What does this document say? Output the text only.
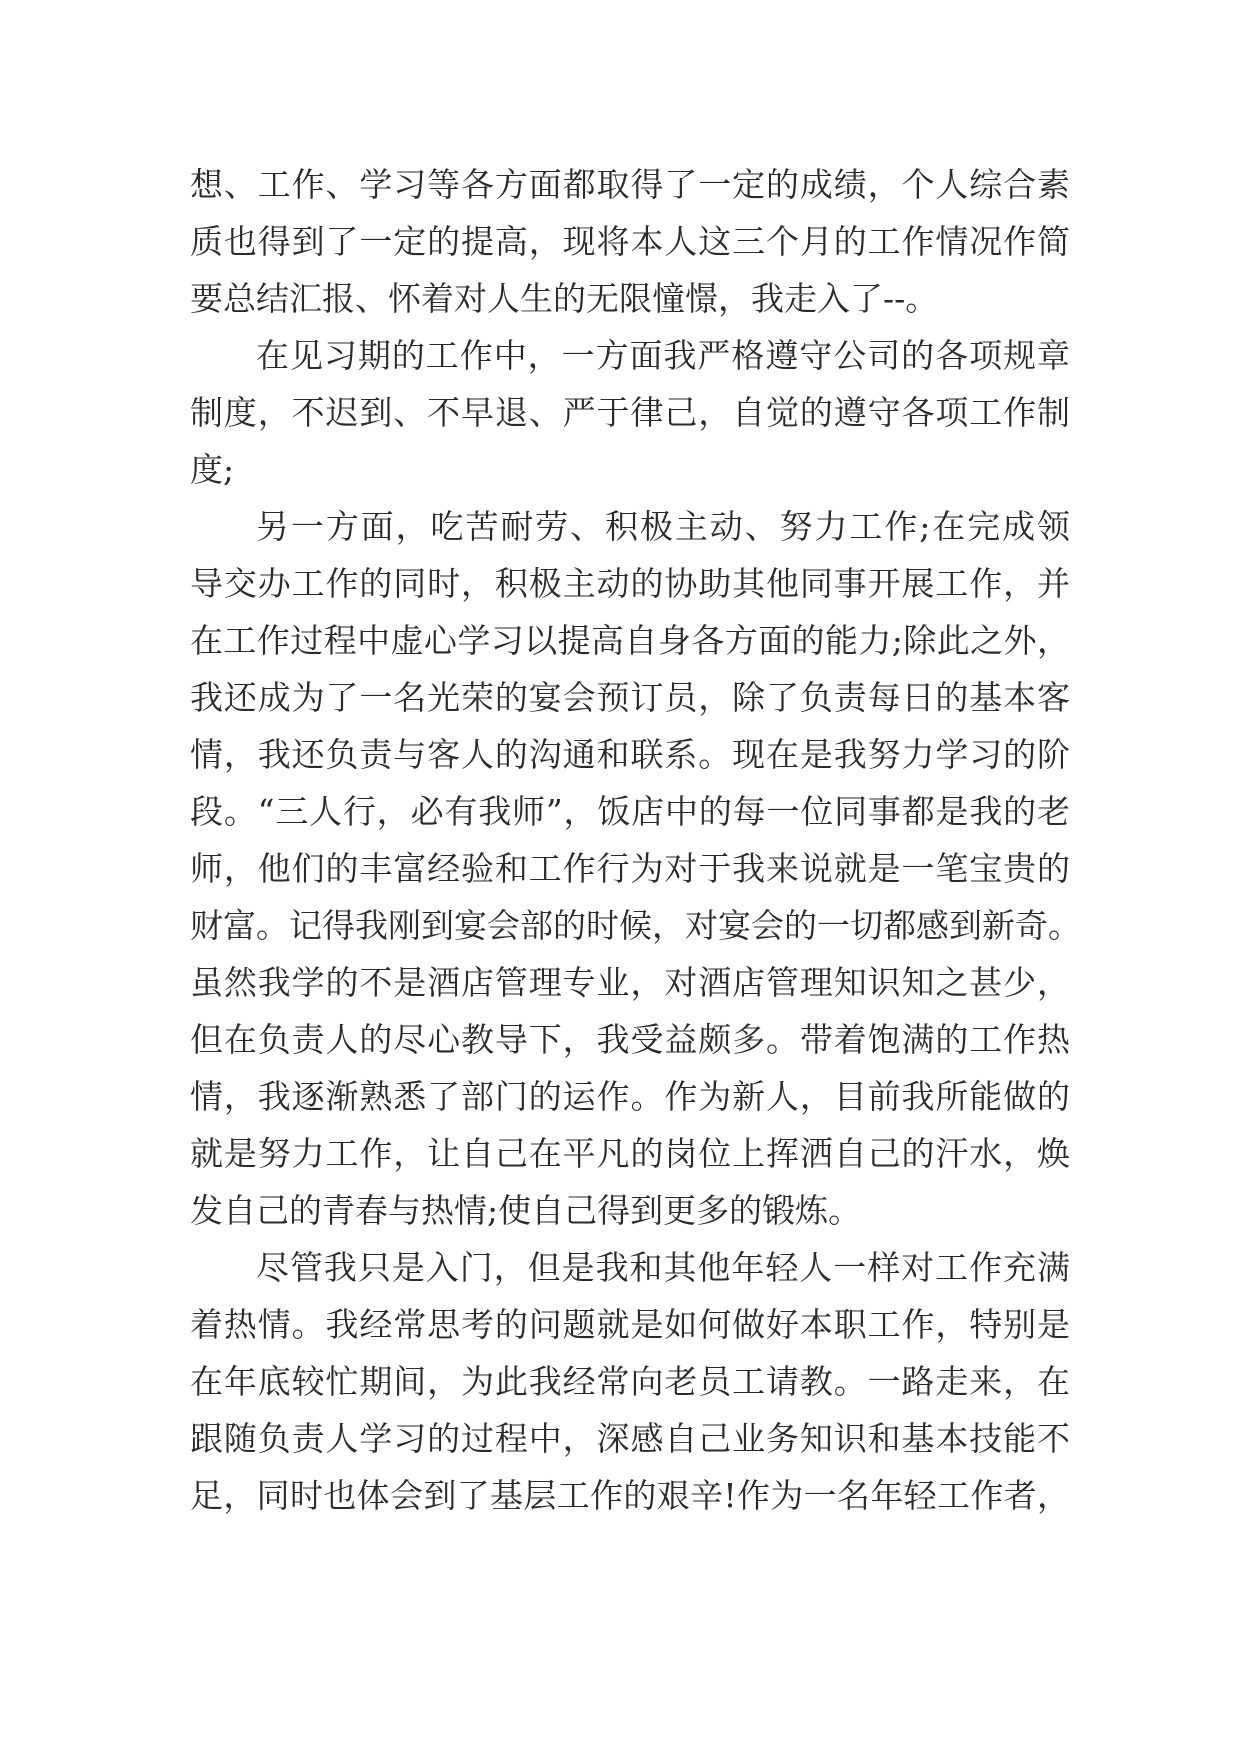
想、工作、学习等各方面都取得了一定的成绩，个人综合素
质也得到了一定的提高，现将本人这三个月的工作情况作简
要总结汇报、怀着对人生的无限憧憬，我走入了--。
在见习期的工作中，一方面我严格遵守公司的各项规章
制度，不迟到、不早退、严于律己，自觉的遵守各项工作制
度;
另一方面，吃苦耐劳、积极主动、努力工作;在完成领
导交办工作的同时，积极主动的协助其他同事开展工作，并
在工作过程中虚心学习以提高自身各方面的能力;除此之外，
我还成为了一名光荣的宴会预订员，除了负责每日的基本客
情，我还负责与客人的沟通和联系。现在是我努力学习的阶
段。“三人行，必有我师”，饭店中的每一位同事都是我的老
师，他们的丰富经验和工作行为对于我来说就是一笔宝贵的
财富。记得我刚到宴会部的时候，对宴会的一切都感到新奇。
虽然我学的不是酒店管理专业，对酒店管理知识知之甚少，
但在负责人的尽心教导下，我受益颇多。带着饱满的工作热
情，我逐渐熟悉了部门的运作。作为新人，目前我所能做的
就是努力工作，让自己在平凡的岗位上挥洒自己的汗水，焕
发自己的青春与热情;使自己得到更多的锻炼。
尽管我只是入门，但是我和其他年轻人一样对工作充满
着热情。我经常思考的问题就是如何做好本职工作，特别是
在年底较忙期间，为此我经常向老员工请教。一路走来，在
跟随负责人学习的过程中，深感自己业务知识和基本技能不
足，同时也体会到了基层工作的艰辛!作为一名年轻工作者，
